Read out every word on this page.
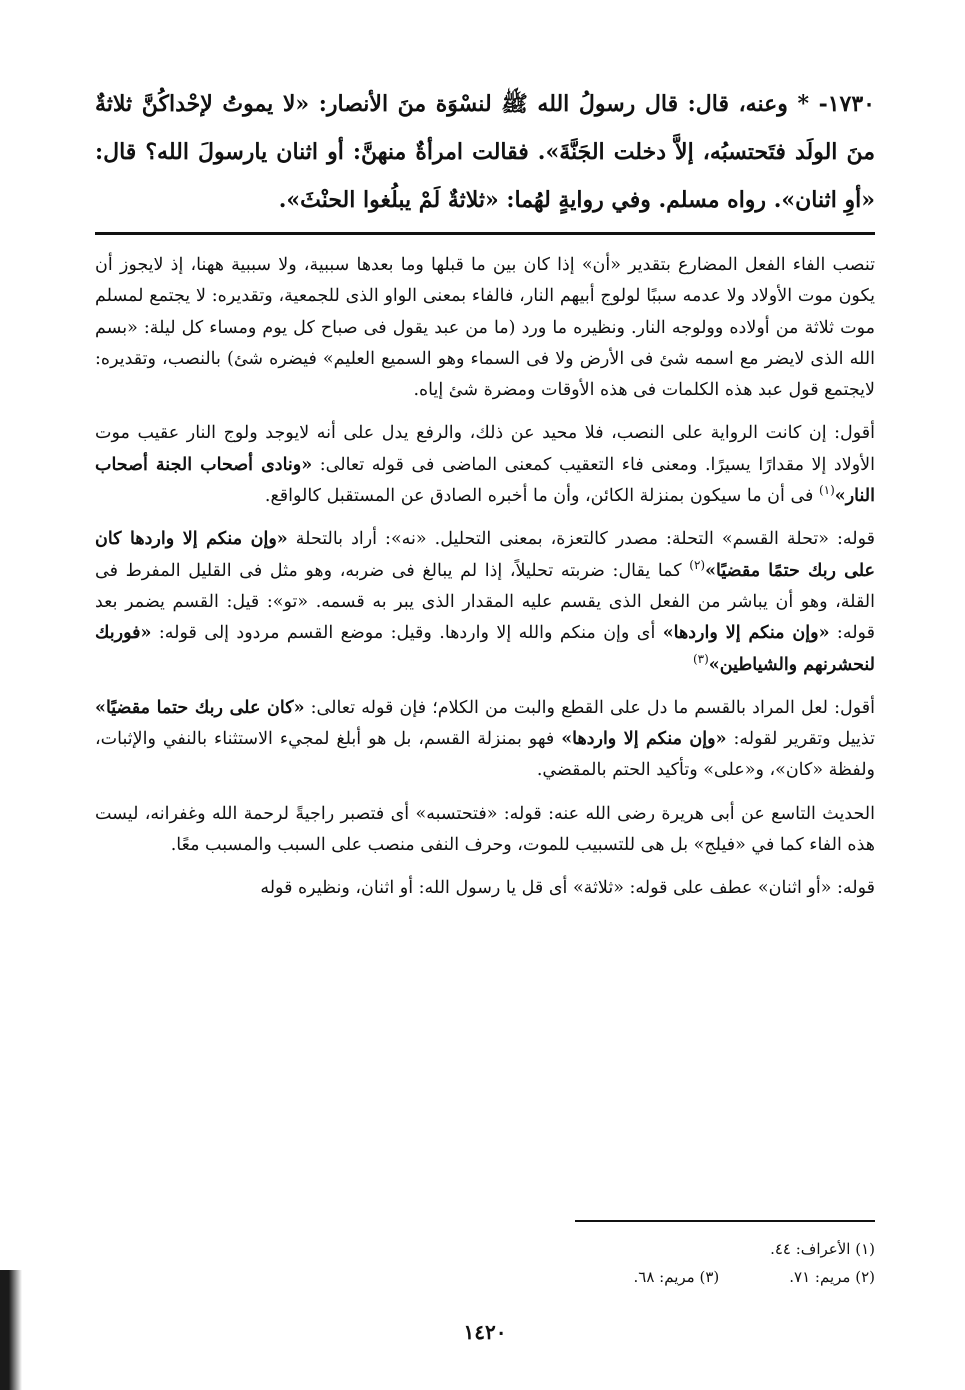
١٧٣٠- * وعنه، قال: قال رسولُ الله ﷺ لنسْوَة منَ الأنصار: «لا يموتُ لإحْداكُنَّ ثلاثةٌ منَ الولَد فتَحتسبُه، إلاَّ دخلت الجَنَّةَ». فقالت امرأةٌ منهنَّ: أو اثنان يارسولَ الله؟ قال: «أوِ اثنان». رواه مسلم. وفي روايةٍ لهُما: «ثلاثةٌ لَمْ يبلُغوا الحنْثَ».

تنصب الفاء الفعل المضارع بتقدير «أن» إذا كان بين ما قبلها وما بعدها سببية، ولا سببية ههنا، إذ لايجوز أن يكون موت الأولاد ولا عدمه سببًا لولوج أبيهم النار، فالفاء بمعنى الواو الذى للجمعية، وتقديره: لا يجتمع لمسلم موت ثلاثة من أولاده وولوجه النار. ونظيره ما ورد (ما من عبد يقول فى صباح كل يوم ومساء كل ليلة: «بسم الله الذى لايضر مع اسمه شئ فى الأرض ولا فى السماء وهو السميع العليم» فيضره شئ) بالنصب، وتقديره: لايجتمع قول عبد هذه الكلمات فى هذه الأوقات ومضرة شئ إياه.

أقول: إن كانت الرواية على النصب، فلا محيد عن ذلك، والرفع يدل على أنه لايوجد ولوج النار عقيب موت الأولاد إلا مقدارًا يسيرًا. ومعنى فاء التعقيب كمعنى الماضى فى قوله تعالى: «ونادى أصحاب الجنة أصحاب النار»$^{(١)}$ فى أن ما سيكون بمنزلة الكائن، وأن ما أخبره الصادق عن المستقبل كالواقع.

قوله: «تحلة القسم» التحلة: مصدر كالتعزة، بمعنى التحليل. «نه»: أراد بالتحلة «وإن منكم إلا واردها كان على ربك حتمًا مقضيًا»$^{(٢)}$ كما يقال: ضربته تحليلاً، إذا لم يبالغ فى ضربه، وهو مثل فى القليل المفرط فى القلة، وهو أن يباشر من الفعل الذى يقسم عليه المقدار الذى يبر به قسمه. «تو»: قيل: القسم يضمر بعد قوله: «وإن منكم إلا واردها» أى وإن منكم والله إلا واردها. وقيل: موضع القسم مردود إلى قوله: «فوربك لنحشرنهم والشياطين»$^{(٣)}$

أقول: لعل المراد بالقسم ما دل على القطع والبت من الكلام؛ فإن قوله تعالى: «كان على ربك حتما مقضيًا» تذييل وتقرير لقوله: «وإن منكم إلا واردها» فهو بمنزلة القسم، بل هو أبلغ لمجيء الاستثناء بالنفي والإثبات، ولفظة «كان»، و«على» وتأكيد الحتم بالمقضي.

الحديث التاسع عن أبى هريرة رضى الله عنه: قوله: «فتحتسبه» أى فتصبر راجيةً لرحمة الله وغفرانه، ليست هذه الفاء كما في «فيلج» بل هى للتسبيب للموت، وحرف النفى منصب على السبب والمسبب معًا.

قوله: «أو اثنان» عطف على قوله: «ثلاثة» أى قل يا رسول الله: أو اثنان، ونظيره قوله

(١) الأعراف: ٤٤.
(٢) مريم: ٧١.
(٣) مريم: ٦٨.
١٤٢٠
